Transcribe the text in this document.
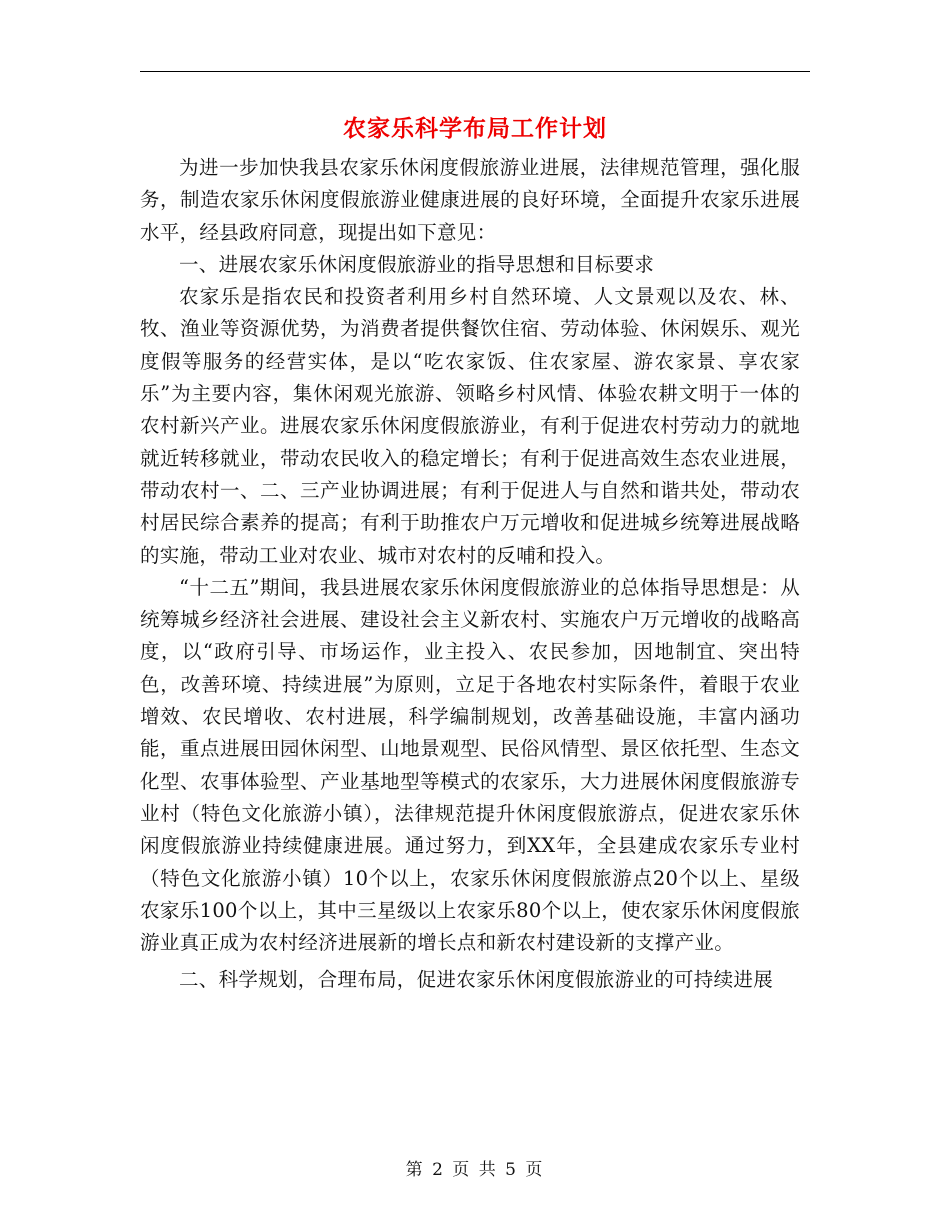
农家乐科学布局工作计划

为进一步加快我县农家乐休闲度假旅游业进展，法律规范管理，强化服务，制造农家乐休闲度假旅游业健康进展的良好环境，全面提升农家乐进展水平，经县政府同意，现提出如下意见：

一、进展农家乐休闲度假旅游业的指导思想和目标要求

农家乐是指农民和投资者利用乡村自然环境、人文景观以及农、林、牧、渔业等资源优势，为消费者提供餐饮住宿、劳动体验、休闲娱乐、观光度假等服务的经营实体，是以“吃农家饭、住农家屋、游农家景、享农家乐”为主要内容，集休闲观光旅游、领略乡村风情、体验农耕文明于一体的农村新兴产业。进展农家乐休闲度假旅游业，有利于促进农村劳动力的就地就近转移就业，带动农民收入的稳定增长；有利于促进高效生态农业进展，带动农村一、二、三产业协调进展；有利于促进人与自然和谐共处，带动农村居民综合素养的提高；有利于助推农户万元增收和促进城乡统筹进展战略的实施，带动工业对农业、城市对农村的反哺和投入。

“十二五”期间，我县进展农家乐休闲度假旅游业的总体指导思想是：从统筹城乡经济社会进展、建设社会主义新农村、实施农户万元增收的战略高度，以“政府引导、市场运作，业主投入、农民参加，因地制宜、突出特色，改善环境、持续进展”为原则，立足于各地农村实际条件，着眼于农业增效、农民增收、农村进展，科学编制规划，改善基础设施，丰富内涵功能，重点进展田园休闲型、山地景观型、民俗风情型、景区依托型、生态文化型、农事体验型、产业基地型等模式的农家乐，大力进展休闲度假旅游专业村（特色文化旅游小镇），法律规范提升休闲度假旅游点，促进农家乐休闲度假旅游业持续健康进展。通过努力，到XX年，全县建成农家乐专业村（特色文化旅游小镇）10个以上，农家乐休闲度假旅游点20个以上、星级农家乐100个以上，其中三星级以上农家乐80个以上，使农家乐休闲度假旅游业真正成为农村经济进展新的增长点和新农村建设新的支撑产业。

二、科学规划，合理布局，促进农家乐休闲度假旅游业的可持续进展

第 2 页 共 5 页
